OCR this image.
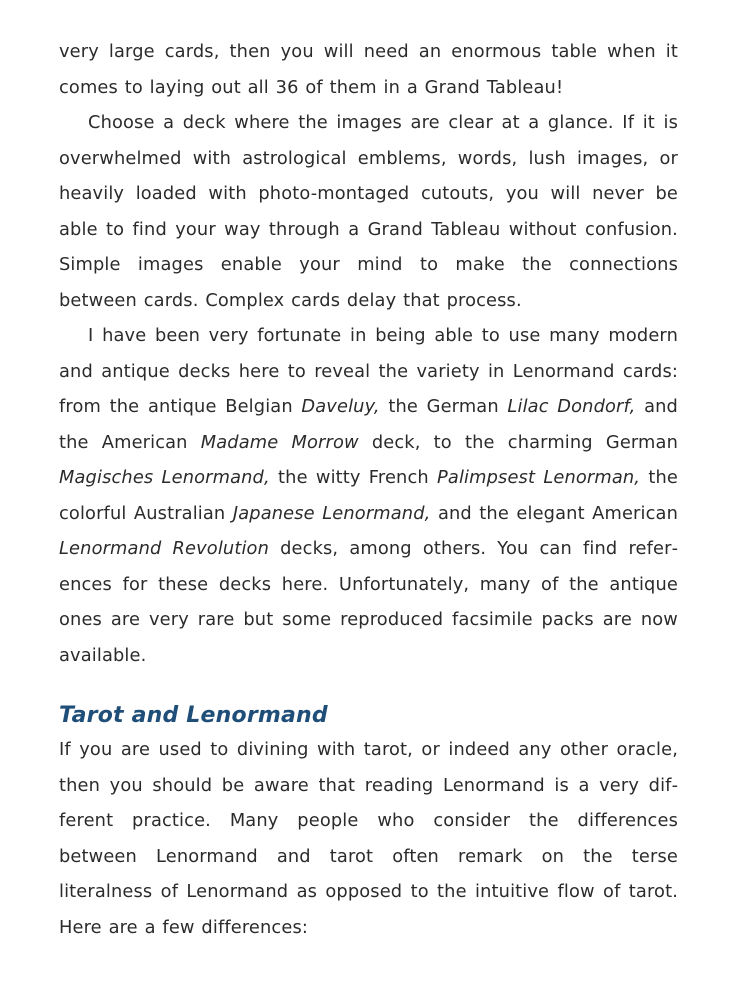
very large cards, then you will need an enormous table when it comes to laying out all 36 of them in a Grand Tableau!

Choose a deck where the images are clear at a glance. If it is overwhelmed with astrological emblems, words, lush images, or heavily loaded with photo-montaged cutouts, you will never be able to find your way through a Grand Tableau without confusion. Simple images enable your mind to make the connections between cards. Complex cards delay that process.

I have been very fortunate in being able to use many modern and antique decks here to reveal the variety in Lenormand cards: from the antique Belgian Daveluy, the German Lilac Dondorf, and the American Madame Morrow deck, to the charming German Magisches Lenormand, the witty French Palimpsest Lenorman, the colorful Australian Japanese Lenormand, and the elegant American Lenormand Revolution decks, among others. You can find references for these decks here. Unfortunately, many of the antique ones are very rare but some reproduced facsimile packs are now available.

Tarot and Lenormand

If you are used to divining with tarot, or indeed any other oracle, then you should be aware that reading Lenormand is a very different practice. Many people who consider the differences between Lenormand and tarot often remark on the terse literalness of Lenormand as opposed to the intuitive flow of tarot. Here are a few differences:
